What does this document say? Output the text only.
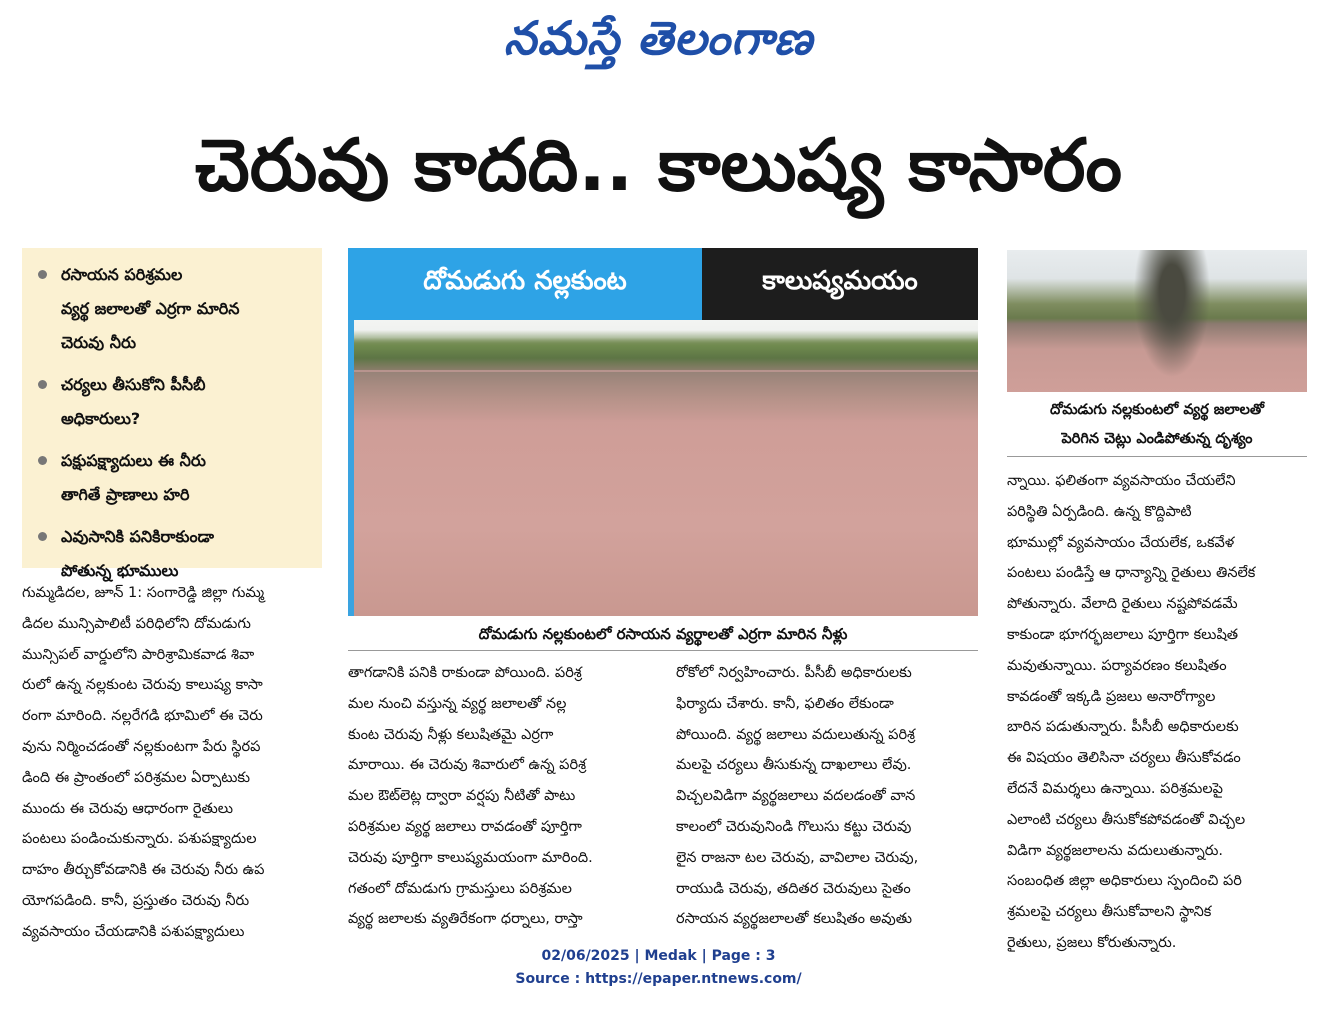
నమస్తే తెలంగాణ
చెరువు కాదది.. కాలుష్య కాసారం
రసాయన పరిశ్రమల
వ్యర్థ జలాలతో ఎర్రగా మారిన
చెరువు నీరు
చర్యలు తీసుకోని పీసీబీ
అధికారులు?
పక్షుపక్ష్యాదులు ఈ నీరు
తాగితే ప్రాణాలు హరి
ఎవుసానికి పనికిరాకుండా
పోతున్న భూములు

గుమ్మడిదల, జూన్ 1: సంగారెడ్డి జిల్లా గుమ్మ

డిదల మున్సిపాలిటీ పరిధిలోని దోమడుగు

మున్సిపల్ వార్డులోని పారిశ్రామికవాడ శివా

రులో ఉన్న నల్లకుంట చెరువు కాలుష్య కాసా

రంగా మారింది. నల్లరేగడి భూమిలో ఈ చెరు

వును నిర్మించడంతో నల్లకుంటగా పేరు స్థిరప

డింది ఈ ప్రాంతంలో పరిశ్రమల ఏర్పాటుకు

ముందు ఈ చెరువు ఆధారంగా రైతులు

పంటలు పండించుకున్నారు. పశుపక్ష్యాదుల

దాహం తీర్చుకోవడానికి ఈ చెరువు నీరు ఉప

యోగపడింది. కానీ, ప్రస్తుతం చెరువు నీరు

వ్యవసాయం చేయడానికి పశుపక్ష్యాదులు

దోమడుగు నల్లకుంట	కాలుష్యమయం
దోమడుగు నల్లకుంటలో రసాయన వ్యర్థాలతో ఎర్రగా మారిన నీళ్లు

తాగడానికి పనికి రాకుండా పోయింది. పరిశ్ర

మల నుంచి వస్తున్న వ్యర్థ జలాలతో నల్ల

కుంట చెరువు నీళ్లు కలుషితమై ఎర్రగా

మారాయి. ఈ చెరువు శివారులో ఉన్న పరిశ్ర

మల ఔట్‌లెట్ల ద్వారా వర్షపు నీటితో పాటు

పరిశ్రమల వ్యర్థ జలాలు రావడంతో పూర్తిగా

చెరువు పూర్తిగా కాలుష్యమయంగా మారింది.

గతంలో దోమడుగు గ్రామస్తులు పరిశ్రమల

వ్యర్థ జలాలకు వ్యతిరేకంగా ధర్నాలు, రాస్తా

రోకోలో నిర్వహించారు. పీసీబీ అధికారులకు

ఫిర్యాదు చేశారు. కానీ, ఫలితం లేకుండా

పోయింది. వ్యర్థ జలాలు వదులుతున్న పరిశ్ర

మలపై చర్యలు తీసుకున్న దాఖలాలు లేవు.

విచ్చలవిడిగా వ్యర్థజలాలు వదలడంతో వాన

కాలంలో చెరువునిండి గొలుసు కట్టు చెరువు

లైన రాజనా టల చెరువు, వావిలాల చెరువు,

రాయుడి చెరువు, తదితర చెరువులు సైతం

రసాయన వ్యర్థజలాలతో కలుషితం అవుతు

దోమడుగు నల్లకుంటలో వ్యర్థ జలాలతో
పెరిగిన చెట్లు ఎండిపోతున్న దృశ్యం

న్నాయి. ఫలితంగా వ్యవసాయం చేయలేని

పరిస్థితి ఏర్పడింది. ఉన్న కొద్దిపాటి

భూముల్లో వ్యవసాయం చేయలేక, ఒకవేళ

పంటలు పండిస్తే ఆ ధాన్యాన్ని రైతులు తినలేక

పోతున్నారు. వేలాది రైతులు నష్టపోవడమే

కాకుండా భూగర్భజలాలు పూర్తిగా కలుషిత

మవుతున్నాయి. పర్యావరణం కలుషితం

కావడంతో ఇక్కడి ప్రజలు అనారోగ్యాల

బారిన పడుతున్నారు. పీసీబీ అధికారులకు

ఈ విషయం తెలిసినా చర్యలు తీసుకోవడం

లేదనే విమర్శలు ఉన్నాయి. పరిశ్రమలపై

ఎలాంటి చర్యలు తీసుకోకపోవడంతో విచ్చల

విడిగా వ్యర్థజలాలను వదులుతున్నారు.

సంబంధిత జిల్లా అధికారులు స్పందించి పరి

శ్రమలపై చర్యలు తీసుకోవాలని స్థానిక

రైతులు, ప్రజలు కోరుతున్నారు.

02/06/2025 | Medak | Page : 3
Source : https://epaper.ntnews.com/
